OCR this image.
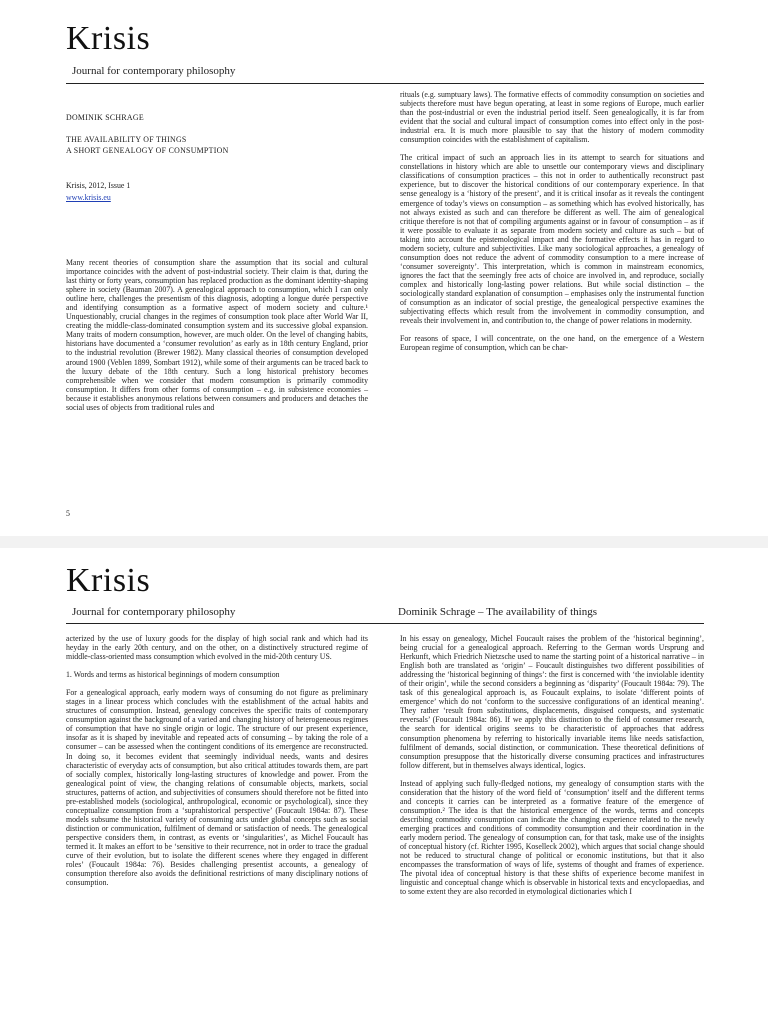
Krisis
Journal for contemporary philosophy
DOMINIK SCHRAGE
THE AVAILABILITY OF THINGS
A SHORT GENEALOGY OF CONSUMPTION
Krisis, 2012, Issue 1
www.krisis.eu

Many recent theories of consumption share the assumption that its social and cultural importance coincides with the advent of post-industrial society. Their claim is that, during the last thirty or forty years, consumption has replaced production as the dominant identity-shaping sphere in society (Bauman 2007). A genealogical approach to consumption, which I can only outline here, challenges the presentism of this diagnosis, adopting a longue durée perspective and identifying consumption as a formative aspect of modern society and culture.¹ Unquestionably, crucial changes in the regimes of consumption took place after World War II, creating the middle-class-dominated consumption system and its successive global expansion. Many traits of modern consumption, however, are much older. On the level of changing habits, historians have documented a ‘consumer revolution’ as early as in 18th century England, prior to the industrial revolution (Brewer 1982). Many classical theories of consumption developed around 1900 (Veblen 1899, Sombart 1912), while some of their arguments can be traced back to the luxury debate of the 18th century. Such a long historical prehistory becomes comprehensible when we consider that modern consumption is primarily commodity consumption. It differs from other forms of consumption – e.g. in subsistence economies – because it establishes anonymous relations between consumers and producers and detaches the social uses of objects from traditional rules and

rituals (e.g. sumptuary laws). The formative effects of commodity consumption on societies and subjects therefore must have begun operating, at least in some regions of Europe, much earlier than the post-industrial or even the industrial period itself. Seen genealogically, it is far from evident that the social and cultural impact of consumption comes into effect only in the post-industrial era. It is much more plausible to say that the history of modern commodity consumption coincides with the establishment of capitalism.

The critical impact of such an approach lies in its attempt to search for situations and constellations in history which are able to unsettle our contemporary views and disciplinary classifications of consumption practices – this not in order to authentically reconstruct past experience, but to discover the historical conditions of our contemporary experience. In that sense genealogy is a ‘history of the present’, and it is critical insofar as it reveals the contingent emergence of today’s views on consumption – as something which has evolved historically, has not always existed as such and can therefore be different as well. The aim of genealogical critique therefore is not that of compiling arguments against or in favour of consumption – as if it were possible to evaluate it as separate from modern society and culture as such – but of taking into account the epistemological impact and the formative effects it has in regard to modern society, culture and subjectivities. Like many sociological approaches, a genealogy of consumption does not reduce the advent of commodity consumption to a mere increase of ‘consumer sovereignty’. This interpretation, which is common in mainstream economics, ignores the fact that the seemingly free acts of choice are involved in, and reproduce, socially complex and historically long-lasting power relations. But while social distinction – the sociologically standard explanation of consumption – emphasises only the instrumental function of consumption as an indicator of social prestige, the genealogical perspective examines the subjectivating effects which result from the involvement in commodity consumption, and reveals their involvement in, and contribution to, the change of power relations in modernity.

For reasons of space, I will concentrate, on the one hand, on the emergence of a Western European regime of consumption, which can be char-

5
Krisis
Journal for contemporary philosophy	Dominik Schrage – The availability of things

acterized by the use of luxury goods for the display of high social rank and which had its heyday in the early 20th century, and on the other, on a distinctively structured regime of middle-class-oriented mass consumption which evolved in the mid-20th century US.

1. Words and terms as historical beginnings of modern consumption

For a genealogical approach, early modern ways of consuming do not figure as preliminary stages in a linear process which concludes with the establishment of the actual habits and structures of consumption. Instead, genealogy conceives the specific traits of contemporary consumption against the background of a varied and changing history of heterogeneous regimes of consumption that have no single origin or logic. The structure of our present experience, insofar as it is shaped by inevitable and repeated acts of consuming – by taking the role of a consumer – can be assessed when the contingent conditions of its emergence are reconstructed. In doing so, it becomes evident that seemingly individual needs, wants and desires characteristic of everyday acts of consumption, but also critical attitudes towards them, are part of socially complex, historically long-lasting structures of knowledge and power. From the genealogical point of view, the changing relations of consumable objects, markets, social structures, patterns of action, and subjectivities of consumers should therefore not be fitted into pre-established models (sociological, anthropological, economic or psychological), since they conceptualize consumption from a ‘suprahistorical perspective’ (Foucault 1984a: 87). These models subsume the historical variety of consuming acts under global concepts such as social distinction or communication, fulfilment of demand or satisfaction of needs. The genealogical perspective considers them, in contrast, as events or ‘singularities’, as Michel Foucault has termed it. It makes an effort to be ‘sensitive to their recurrence, not in order to trace the gradual curve of their evolution, but to isolate the different scenes where they engaged in different roles’ (Foucault 1984a: 76). Besides challenging presentist accounts, a genealogy of consumption therefore also avoids the definitional restrictions of many disciplinary notions of consumption.

In his essay on genealogy, Michel Foucault raises the problem of the ‘historical beginning’, being crucial for a genealogical approach. Referring to the German words Ursprung and Herkunft, which Friedrich Nietzsche used to name the starting point of a historical narrative – in English both are translated as ‘origin’ – Foucault distinguishes two different possibilities of addressing the ‘historical beginning of things’: the first is concerned with ‘the inviolable identity of their origin’, while the second considers a beginning as ‘disparity’ (Foucault 1984a: 79). The task of this genealogical approach is, as Foucault explains, to isolate ‘different points of emergence’ which do not ‘conform to the successive configurations of an identical meaning’. They rather ‘result from substitutions, displacements, disguised conquests, and systematic reversals’ (Foucault 1984a: 86). If we apply this distinction to the field of consumer research, the search for identical origins seems to be characteristic of approaches that address consumption phenomena by referring to historically invariable items like needs satisfaction, fulfilment of demands, social distinction, or communication. These theoretical definitions of consumption presuppose that the historically diverse consuming practices and infrastructures follow different, but in themselves always identical, logics.

Instead of applying such fully-fledged notions, my genealogy of consumption starts with the consideration that the history of the word field of ‘consumption’ itself and the different terms and concepts it carries can be interpreted as a formative feature of the emergence of consumption.² The idea is that the historical emergence of the words, terms and concepts describing commodity consumption can indicate the changing experience related to the newly emerging practices and conditions of commodity consumption and their coordination in the early modern period. The genealogy of consumption can, for that task, make use of the insights of conceptual history (cf. Richter 1995, Koselleck 2002), which argues that social change should not be reduced to structural change of political or economic institutions, but that it also encompasses the transformation of ways of life, systems of thought and frames of experience. The pivotal idea of conceptual history is that these shifts of experience become manifest in linguistic and conceptual change which is observable in historical texts and encyclopaedias, and to some extent they are also recorded in etymological dictionaries which I
